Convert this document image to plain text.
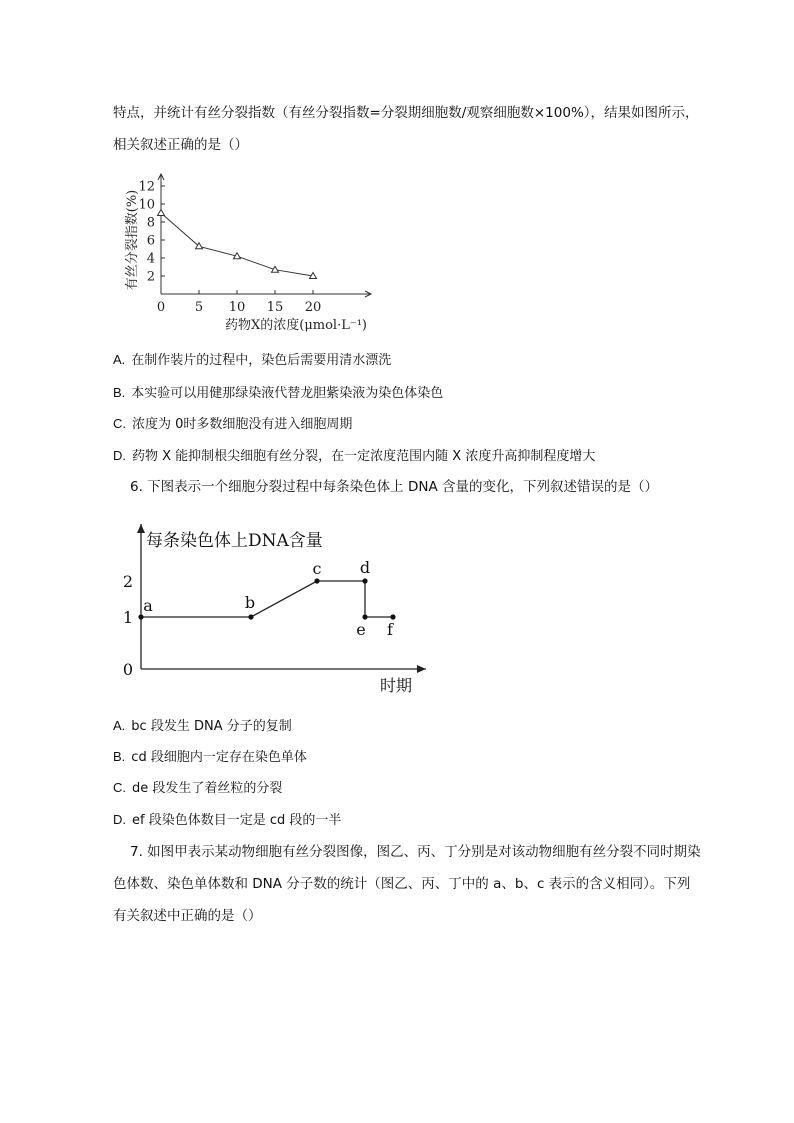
特点，并统计有丝分裂指数（有丝分裂指数=分裂期细胞数/观察细胞数×100%），结果如图所示，
相关叙述正确的是（）
2
4
6
8
10
12
0 5 10 15 20
有丝分裂指数(%)
药物X的浓度(μmol·L⁻¹)
A. 在制作装片的过程中，染色后需要用清水漂洗
B. 本实验可以用健那绿染液代替龙胆紫染液为染色体染色
C. 浓度为 0时多数细胞没有进入细胞周期
D. 药物 X 能抑制根尖细胞有丝分裂，在一定浓度范围内随 X 浓度升高抑制程度增大
6. 下图表示一个细胞分裂过程中每条染色体上 DNA 含量的变化，下列叙述错误的是（）
0
1
2
a	b
c d
e f
每条染色体上DNA含量
时期
A. bc 段发生 DNA 分子的复制
B. cd 段细胞内一定存在染色单体
C. de 段发生了着丝粒的分裂
D. ef 段染色体数目一定是 cd 段的一半
7. 如图甲表示某动物细胞有丝分裂图像，图乙、丙、丁分别是对该动物细胞有丝分裂不同时期染
色体数、染色单体数和 DNA 分子数的统计（图乙、丙、丁中的 a、b、c 表示的含义相同）。下列
有关叙述中正确的是（）
